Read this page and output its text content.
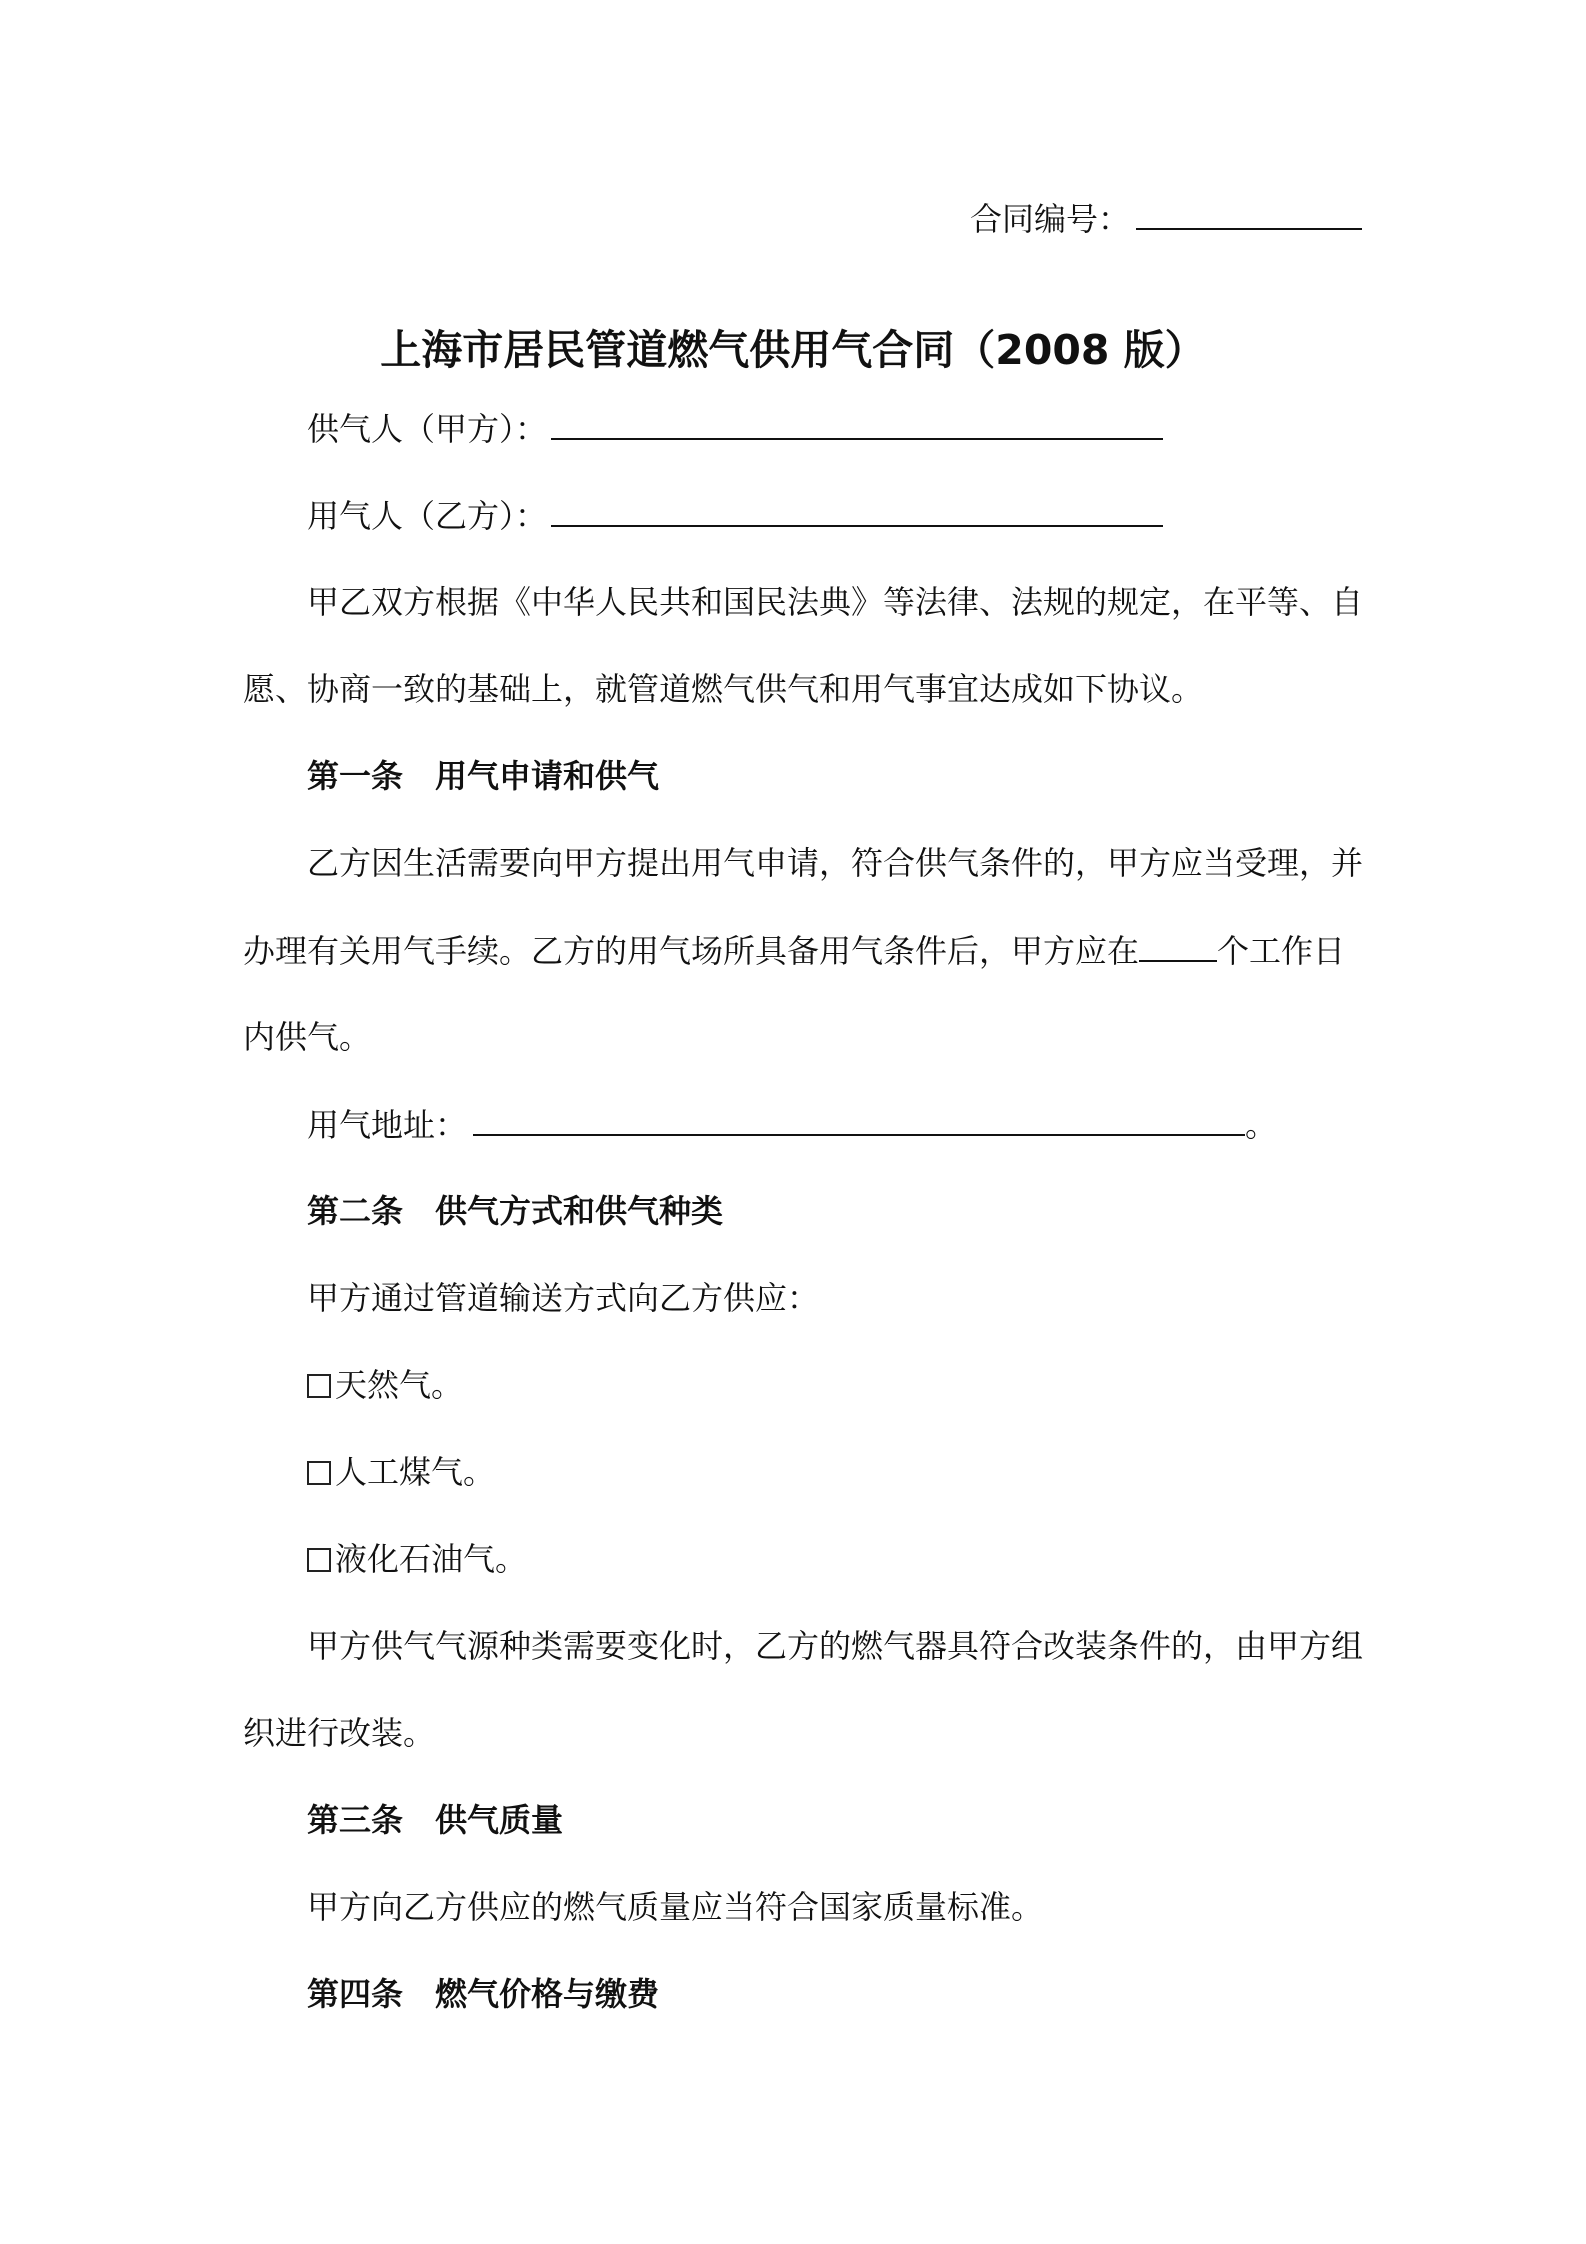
合同编号：
上海市居民管道燃气供用气合同（2008 版）
供气人（甲方）：
用气人（乙方）：
甲乙双方根据《中华人民共和国民法典》等法律、法规的规定，在平等、自
愿、协商一致的基础上，就管道燃气供气和用气事宜达成如下协议。
第一条 用气申请和供气
乙方因生活需要向甲方提出用气申请，符合供气条件的，甲方应当受理，并
办理有关用气手续。乙方的用气场所具备用气条件后，甲方应在 个工作日
内供气。
用气地址：	。
第二条 供气方式和供气种类
甲方通过管道输送方式向乙方供应：
天然气。
人工煤气。
液化石油气。
甲方供气气源种类需要变化时，乙方的燃气器具符合改装条件的，由甲方组
织进行改装。
第三条 供气质量
甲方向乙方供应的燃气质量应当符合国家质量标准。
第四条 燃气价格与缴费
